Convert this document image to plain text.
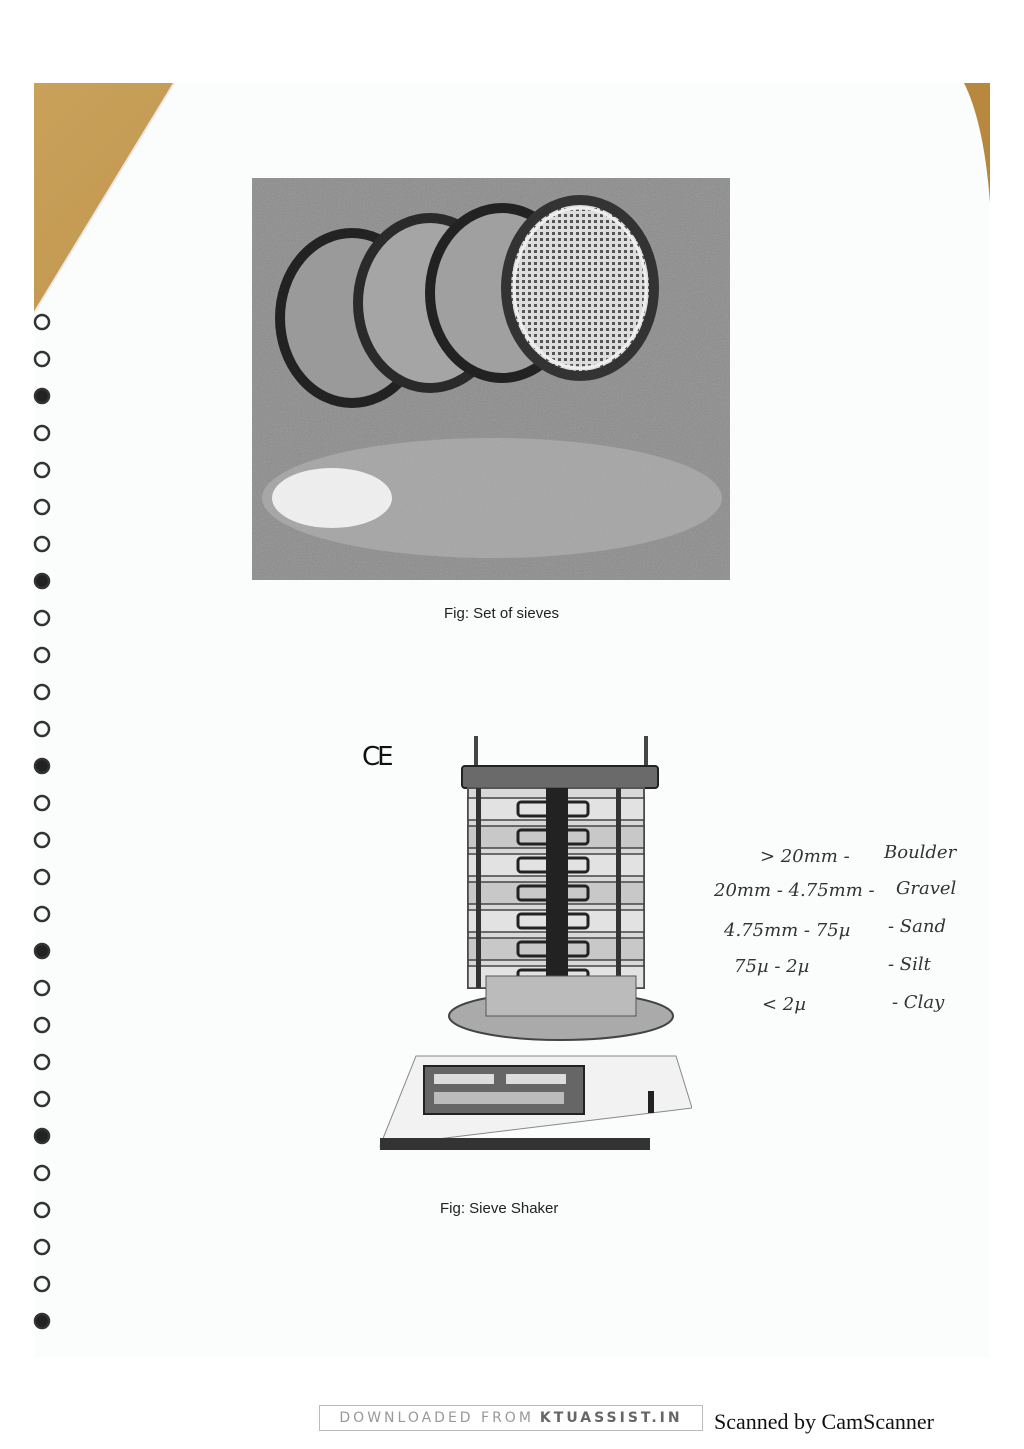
Fig: Set of sieves
CE
Fig: Sieve Shaker
> 20mm - Boulder
20mm - 4.75mm - Gravel
4.75mm - 75µ - Sand
75µ - 2µ	- Silt
< 2µ	- Clay
DOWNLOADED FROM KTUASSIST.IN Scanned by CamScanner
